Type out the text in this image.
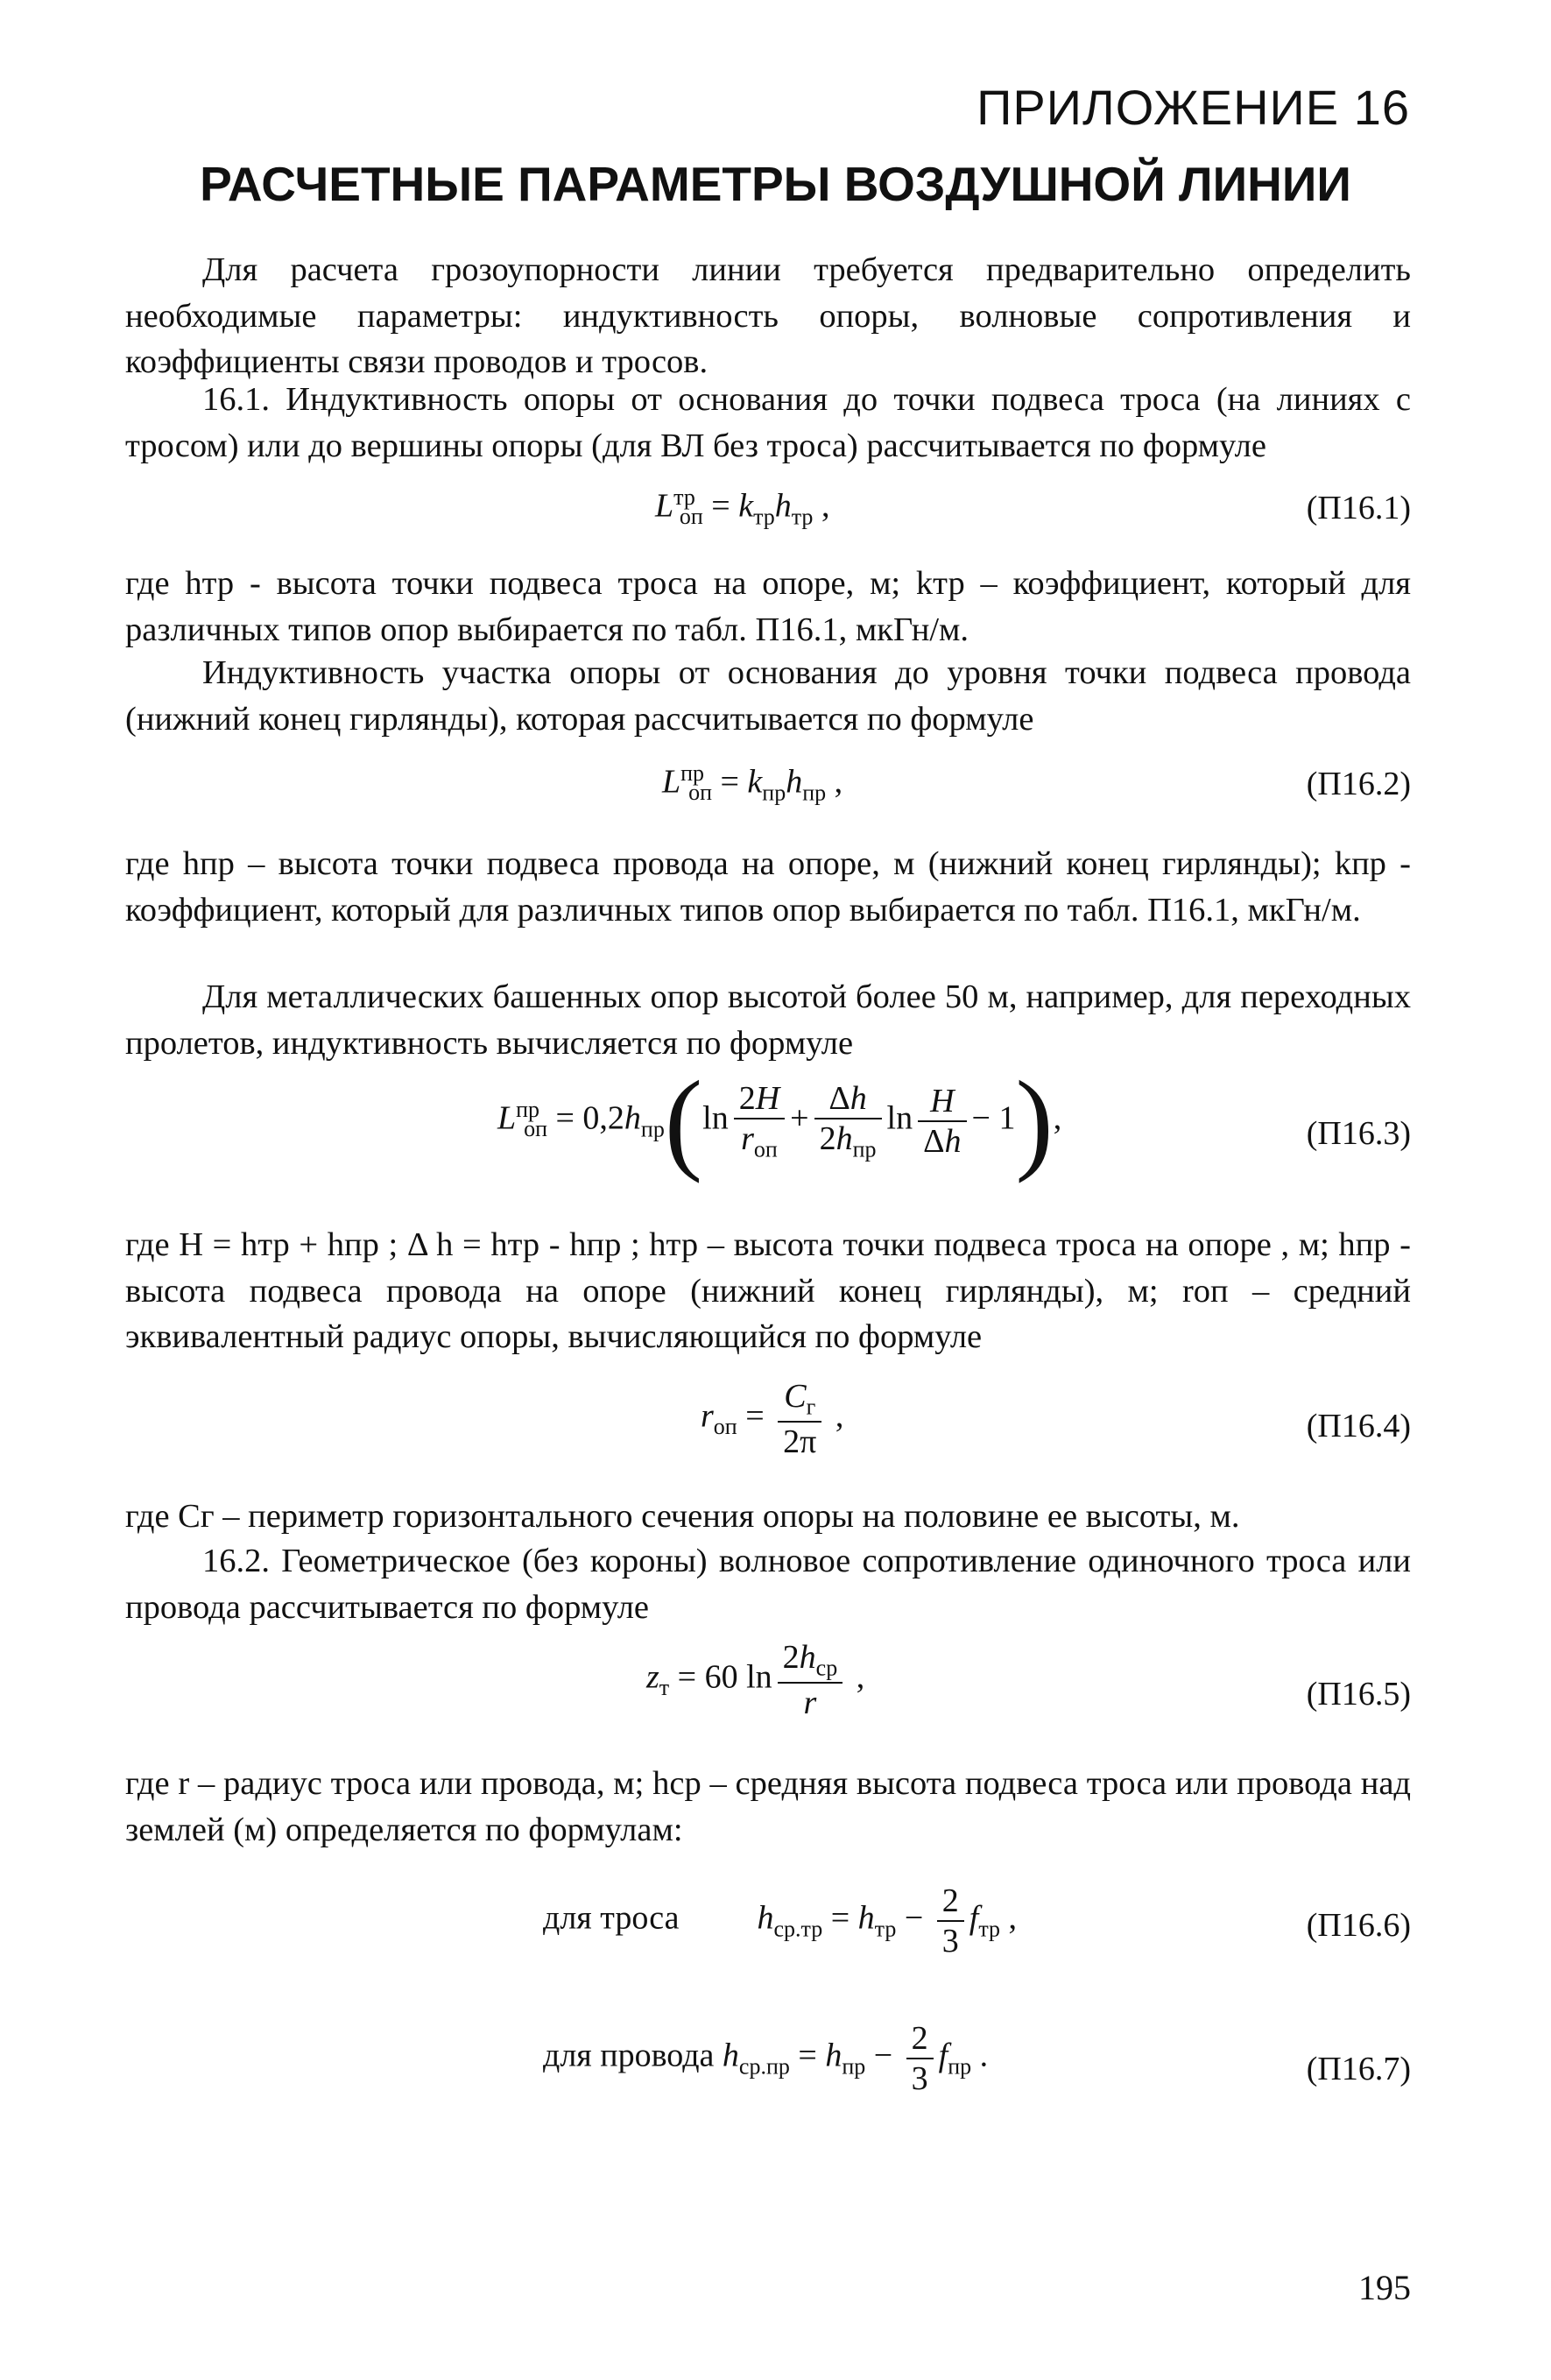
ПРИЛОЖЕНИЕ 16
РАСЧЕТНЫЕ ПАРАМЕТРЫ ВОЗДУШНОЙ ЛИНИИ
Для расчета грозоупорности линии требуется предварительно определить необходимые параметры: индуктивность опоры, волновые сопротивления и коэффициенты связи проводов и тросов.
16.1. Индуктивность опоры от основания до точки подвеса троса (на линиях с тросом) или до вершины опоры (для ВЛ без троса) рассчитывается по формуле
$L^{тр}_{оп} = k_{тр}h_{тр}$ ,	(П16.1)
где hтр - высота точки подвеса троса на опоре, м; kтр – коэффициент, который для различных типов опор выбирается по табл. П16.1, мкГн/м.
Индуктивность участка опоры от основания до уровня точки подвеса провода (нижний конец гирлянды), которая рассчитывается по формуле
$L^{пр}_{оп} = k_{пр}h_{пр}$ ,	(П16.2)
где hпр – высота точки подвеса провода на опоре, м (нижний конец гирлянды); kпр - коэффициент, который для различных типов опор выбирается по табл. П16.1, мкГн/м.
Для металлических башенных опор высотой более 50 м, например, для переходных пролетов, индуктивность вычисляется по формуле
$L^{пр}_{оп} = 0,2h_{пр}(\ln \frac{2H}{r_{оп}} + \frac{\Delta h}{2h_{пр}}$ $\ln \frac{H}{\Delta h} - 1$),	(П16.3)
где H = hтр + hпр ; Δ h = hтр - hпр ; hтр – высота точки подвеса троса на опоре , м; hпр - высота подвеса провода на опоре (нижний конец гирлянды), м; rоп – средний эквивалентный радиус опоры, вычисляющийся по формуле
$r_{оп} = \frac{C_г}{2\pi}$ ,	(П16.4)
где Cг – периметр горизонтального сечения опоры на половине ее высоты, м.
16.2. Геометрическое (без короны) волновое сопротивление одиночного троса или провода рассчитывается по формуле
$z_т = 60$ $\ln \frac{2h_{ср}}{r}$ ,	(П16.5)
где r – радиус троса или провода, м; hср – средняя высота подвеса троса или провода над землей (м) определяется по формулам:
для троса $h_{ср.тр} = h_{тр} - \frac{2}{3} f_{тр}$ ,	(П16.6)
для провода $h_{ср.пр} = h_{пр} - \frac{2}{3} f_{пр}$ .	(П16.7)
195
